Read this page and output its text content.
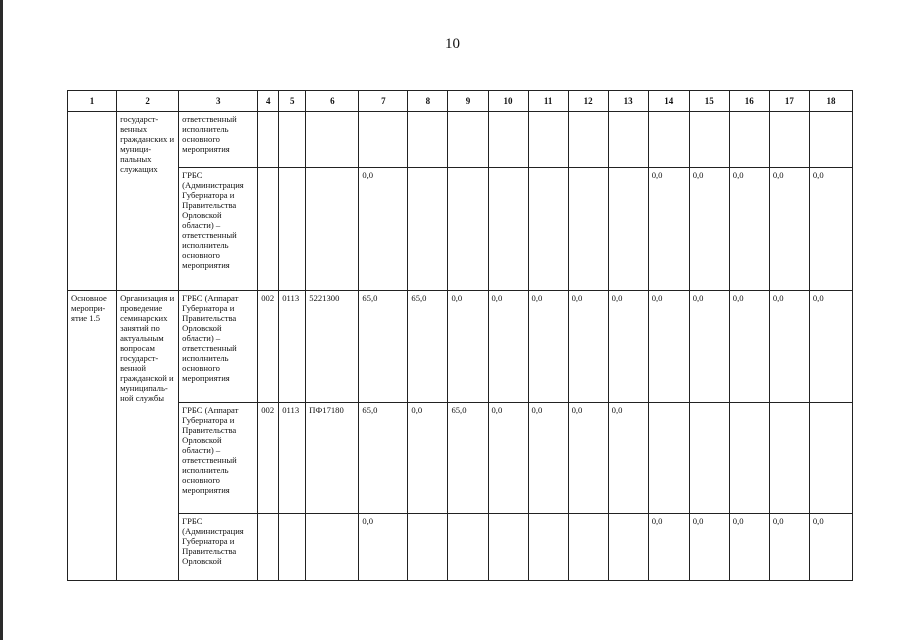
10
1	2	3	4	5	6	7	8	9	10	11	12	13	14	15	16	17	18
	государст-венных гражданских и муници-пальных служащих	ответственный исполнитель основного мероприятия															
		ГРБС (Администрация Губернатора и Правительства Орловской области) – ответственный исполнитель основного мероприятия				0,0							0,0	0,0	0,0	0,0	0,0
Основное меропри-ятие 1.5	Организация и проведение семинарских занятий по актуальным вопросам государст-венной гражданской и муниципаль-ной службы	ГРБС (Аппарат Губернатора и Правительства Орловской области) – ответственный исполнитель основного мероприятия	002	0113	5221300	65,0	65,0	0,0	0,0	0,0	0,0	0,0	0,0	0,0	0,0	0,0	0,0
		ГРБС (Аппарат Губернатора и Правительства Орловской области) – ответственный исполнитель основного мероприятия	002	0113	ПФ17180	65,0	0,0	65,0	0,0	0,0	0,0	0,0					
		ГРБС (Администрация Губернатора и Правительства Орловской				0,0							0,0	0,0	0,0	0,0	0,0
